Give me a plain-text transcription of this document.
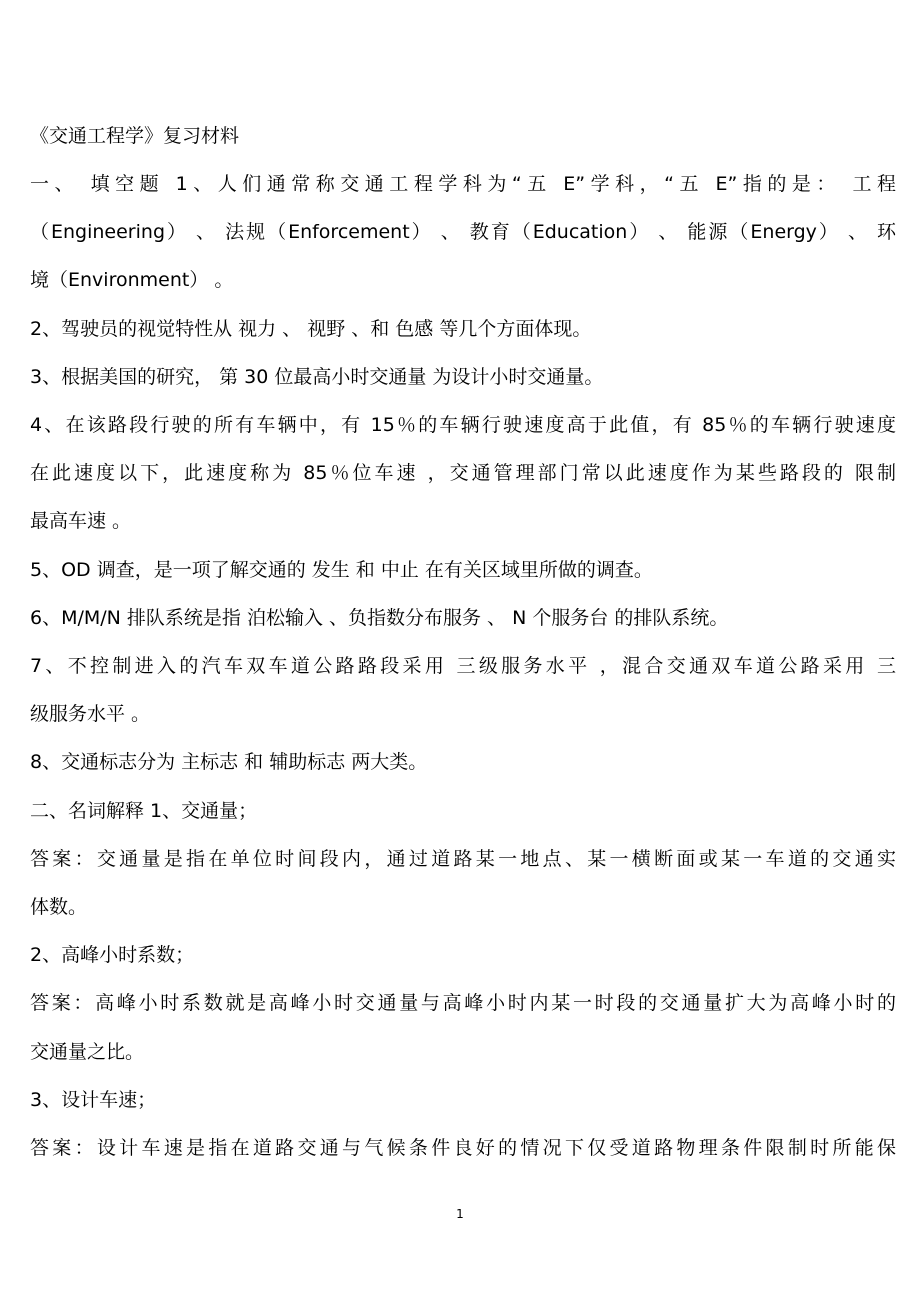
《交通工程学》复习材料
一、 填空题 1、人们通常称交通工程学科为“五 E”学科，“五 E”指的是： 工程
（Engineering） 、 法规（Enforcement） 、 教育（Education） 、 能源（Energy） 、 环
境（Environment） 。
2、驾驶员的视觉特性从 视力 、 视野 、和 色感 等几个方面体现。
3、根据美国的研究， 第 30 位最高小时交通量 为设计小时交通量。
4、在该路段行驶的所有车辆中，有 15％的车辆行驶速度高于此值，有 85％的车辆行驶速度
在此速度以下，此速度称为 85％位车速 ，交通管理部门常以此速度作为某些路段的 限制
最高车速 。
5、OD 调查，是一项了解交通的 发生 和 中止 在有关区域里所做的调查。
6、M/M/N 排队系统是指 泊松输入 、负指数分布服务 、 N 个服务台 的排队系统。
7、不控制进入的汽车双车道公路路段采用 三级服务水平 ，混合交通双车道公路采用 三
级服务水平 。
8、交通标志分为 主标志 和 辅助标志 两大类。
二、名词解释 1、交通量；
答案：交通量是指在单位时间段内，通过道路某一地点、某一横断面或某一车道的交通实
体数。
2、高峰小时系数；
答案：高峰小时系数就是高峰小时交通量与高峰小时内某一时段的交通量扩大为高峰小时的
交通量之比。
3、设计车速；
答案：设计车速是指在道路交通与气候条件良好的情况下仅受道路物理条件限制时所能保
1
